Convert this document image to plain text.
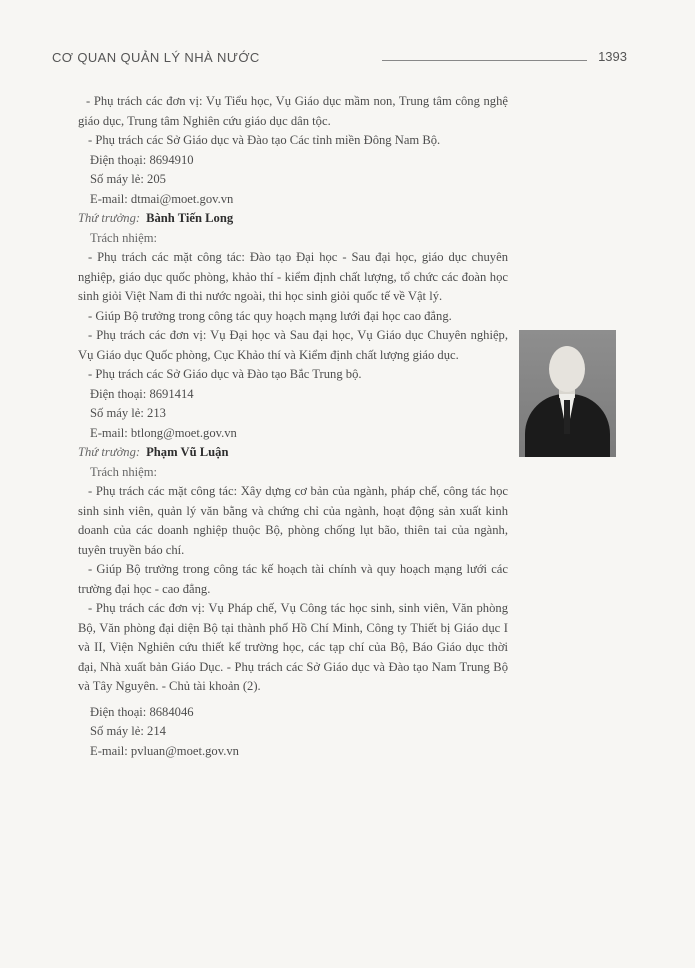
CƠ QUAN QUẢN LÝ NHÀ NƯỚC	1393

- Phụ trách các đơn vị: Vụ Tiểu học, Vụ Giáo dục mầm non, Trung tâm công nghệ giáo dục, Trung tâm Nghiên cứu giáo dục dân tộc.

- Phụ trách các Sở Giáo dục và Đào tạo Các tỉnh miền Đông Nam Bộ.

Điện thoại: 8694910

Số máy lẻ: 205

E-mail: dtmai@moet.gov.vn

Thứ trưởng: Bành Tiến Long

Trách nhiệm:

- Phụ trách các mặt công tác: Đào tạo Đại học - Sau đại học, giáo dục chuyên nghiệp, giáo dục quốc phòng, khảo thí - kiểm định chất lượng, tổ chức các đoàn học sinh giỏi Việt Nam đi thi nước ngoài, thi học sinh giỏi quốc tế về Vật lý.

- Giúp Bộ trưởng trong công tác quy hoạch mạng lưới đại học cao đẳng.

- Phụ trách các đơn vị: Vụ Đại học và Sau đại học, Vụ Giáo dục Chuyên nghiệp, Vụ Giáo dục Quốc phòng, Cục Khảo thí và Kiểm định chất lượng giáo dục.

- Phụ trách các Sở Giáo dục và Đào tạo Bắc Trung bộ.

Điện thoại: 8691414

Số máy lẻ: 213

E-mail: btlong@moet.gov.vn

Thứ trưởng: Phạm Vũ Luận

Trách nhiệm:

- Phụ trách các mặt công tác: Xây dựng cơ bản của ngành, pháp chế, công tác học sinh sinh viên, quản lý văn bằng và chứng chỉ của ngành, hoạt động sản xuất kinh doanh của các doanh nghiệp thuộc Bộ, phòng chống lụt bão, thiên tai của ngành, tuyên truyền báo chí.

- Giúp Bộ trưởng trong công tác kế hoạch tài chính và quy hoạch mạng lưới các trường đại học - cao đẳng.

- Phụ trách các đơn vị: Vụ Pháp chế, Vụ Công tác học sinh, sinh viên, Văn phòng Bộ, Văn phòng đại diện Bộ tại thành phố Hồ Chí Minh, Công ty Thiết bị Giáo dục I và II, Viện Nghiên cứu thiết kế trường học, các tạp chí của Bộ, Báo Giáo dục thời đại, Nhà xuất bản Giáo Dục. - Phụ trách các Sở Giáo dục và Đào tạo Nam Trung Bộ và Tây Nguyên. - Chủ tài khoản (2).

Điện thoại: 8684046

Số máy lẻ: 214

E-mail: pvluan@moet.gov.vn
